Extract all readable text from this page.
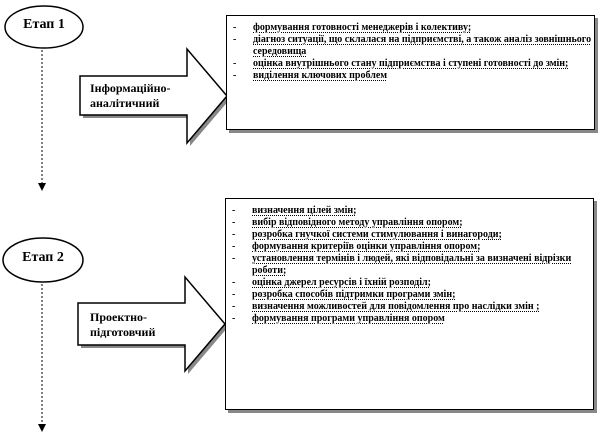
Етап 1
Етап 2
Інформаційно-
аналітичний
Проектно-
підготовчий
- формування готовності менеджерів і колективу;
- діагноз ситуації, що склалася на підприємстві, а також аналіз зовнішнього середовища
- оцінка внутрішнього стану підприємства і ступені готовності до змін;
- виділення ключових проблем
- визначення цілей змін;
- вибір відповідного методу управління опором;
- розробка гнучкої системи стимулювання і винагороди;
- формування критеріїв оцінки управління опором;
- установлення термінів і людей, які відповідальні за визначені відрізки роботи;
- оцінка джерел ресурсів і їхній розподіл;
- розробка способів підтримки програми змін;
- визначення можливостей для повідомлення про наслідки змін ;
- формування програми управління опором
